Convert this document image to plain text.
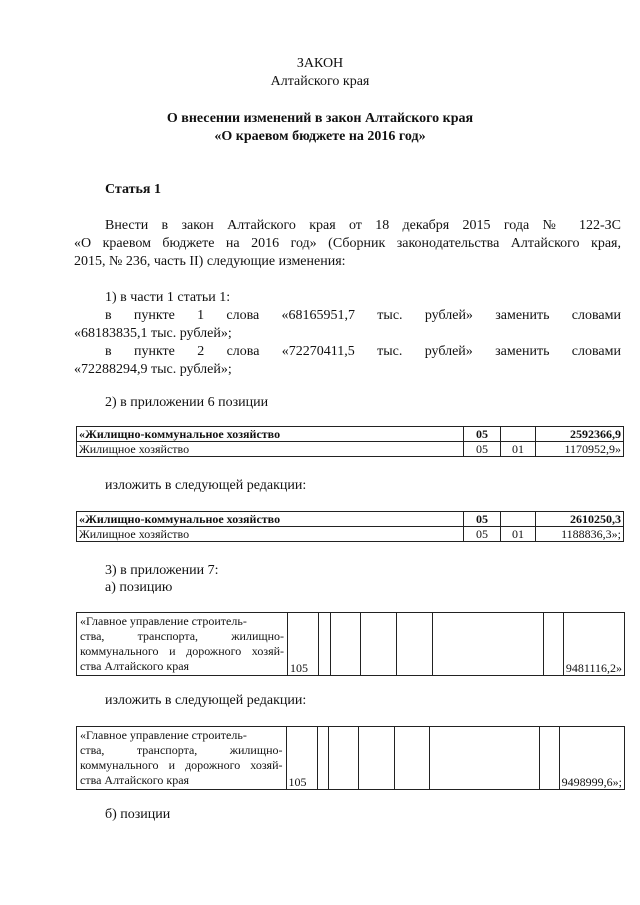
ЗАКОН
Алтайского края
О внесении изменений в закон Алтайского края
«О краевом бюджете на 2016 год»
Статья 1
Внести в закон Алтайского края от 18 декабря 2015 года № 122-ЗС
«О краевом бюджете на 2016 год» (Сборник законодательства Алтайского края,
2015, № 236, часть II) следующие изменения:
1) в части 1 статьи 1:
в пункте 1 слова «68165951,7 тыс. рублей» заменить словами
«68183835,1 тыс. рублей»;
в пункте 2 слова «72270411,5 тыс. рублей» заменить словами
«72288294,9 тыс. рублей»;
2) в приложении 6 позиции
«Жилищно-коммунальное хозяйство	05		2592366,9
Жилищное хозяйство	05	01	1170952,9»
изложить в следующей редакции:
«Жилищно-коммунальное хозяйство	05		2610250,3
Жилищное хозяйство	05	01	1188836,3»;
3) в приложении 7:
а) позицию
«Главное управление строитель-
ства, транспорта, жилищно-
коммунального и дорожного хозяй-
ства Алтайского края	105							9481116,2»
изложить в следующей редакции:
«Главное управление строитель-
ства, транспорта, жилищно-
коммунального и дорожного хозяй-
ства Алтайского края	105							9498999,6»;
б) позиции
